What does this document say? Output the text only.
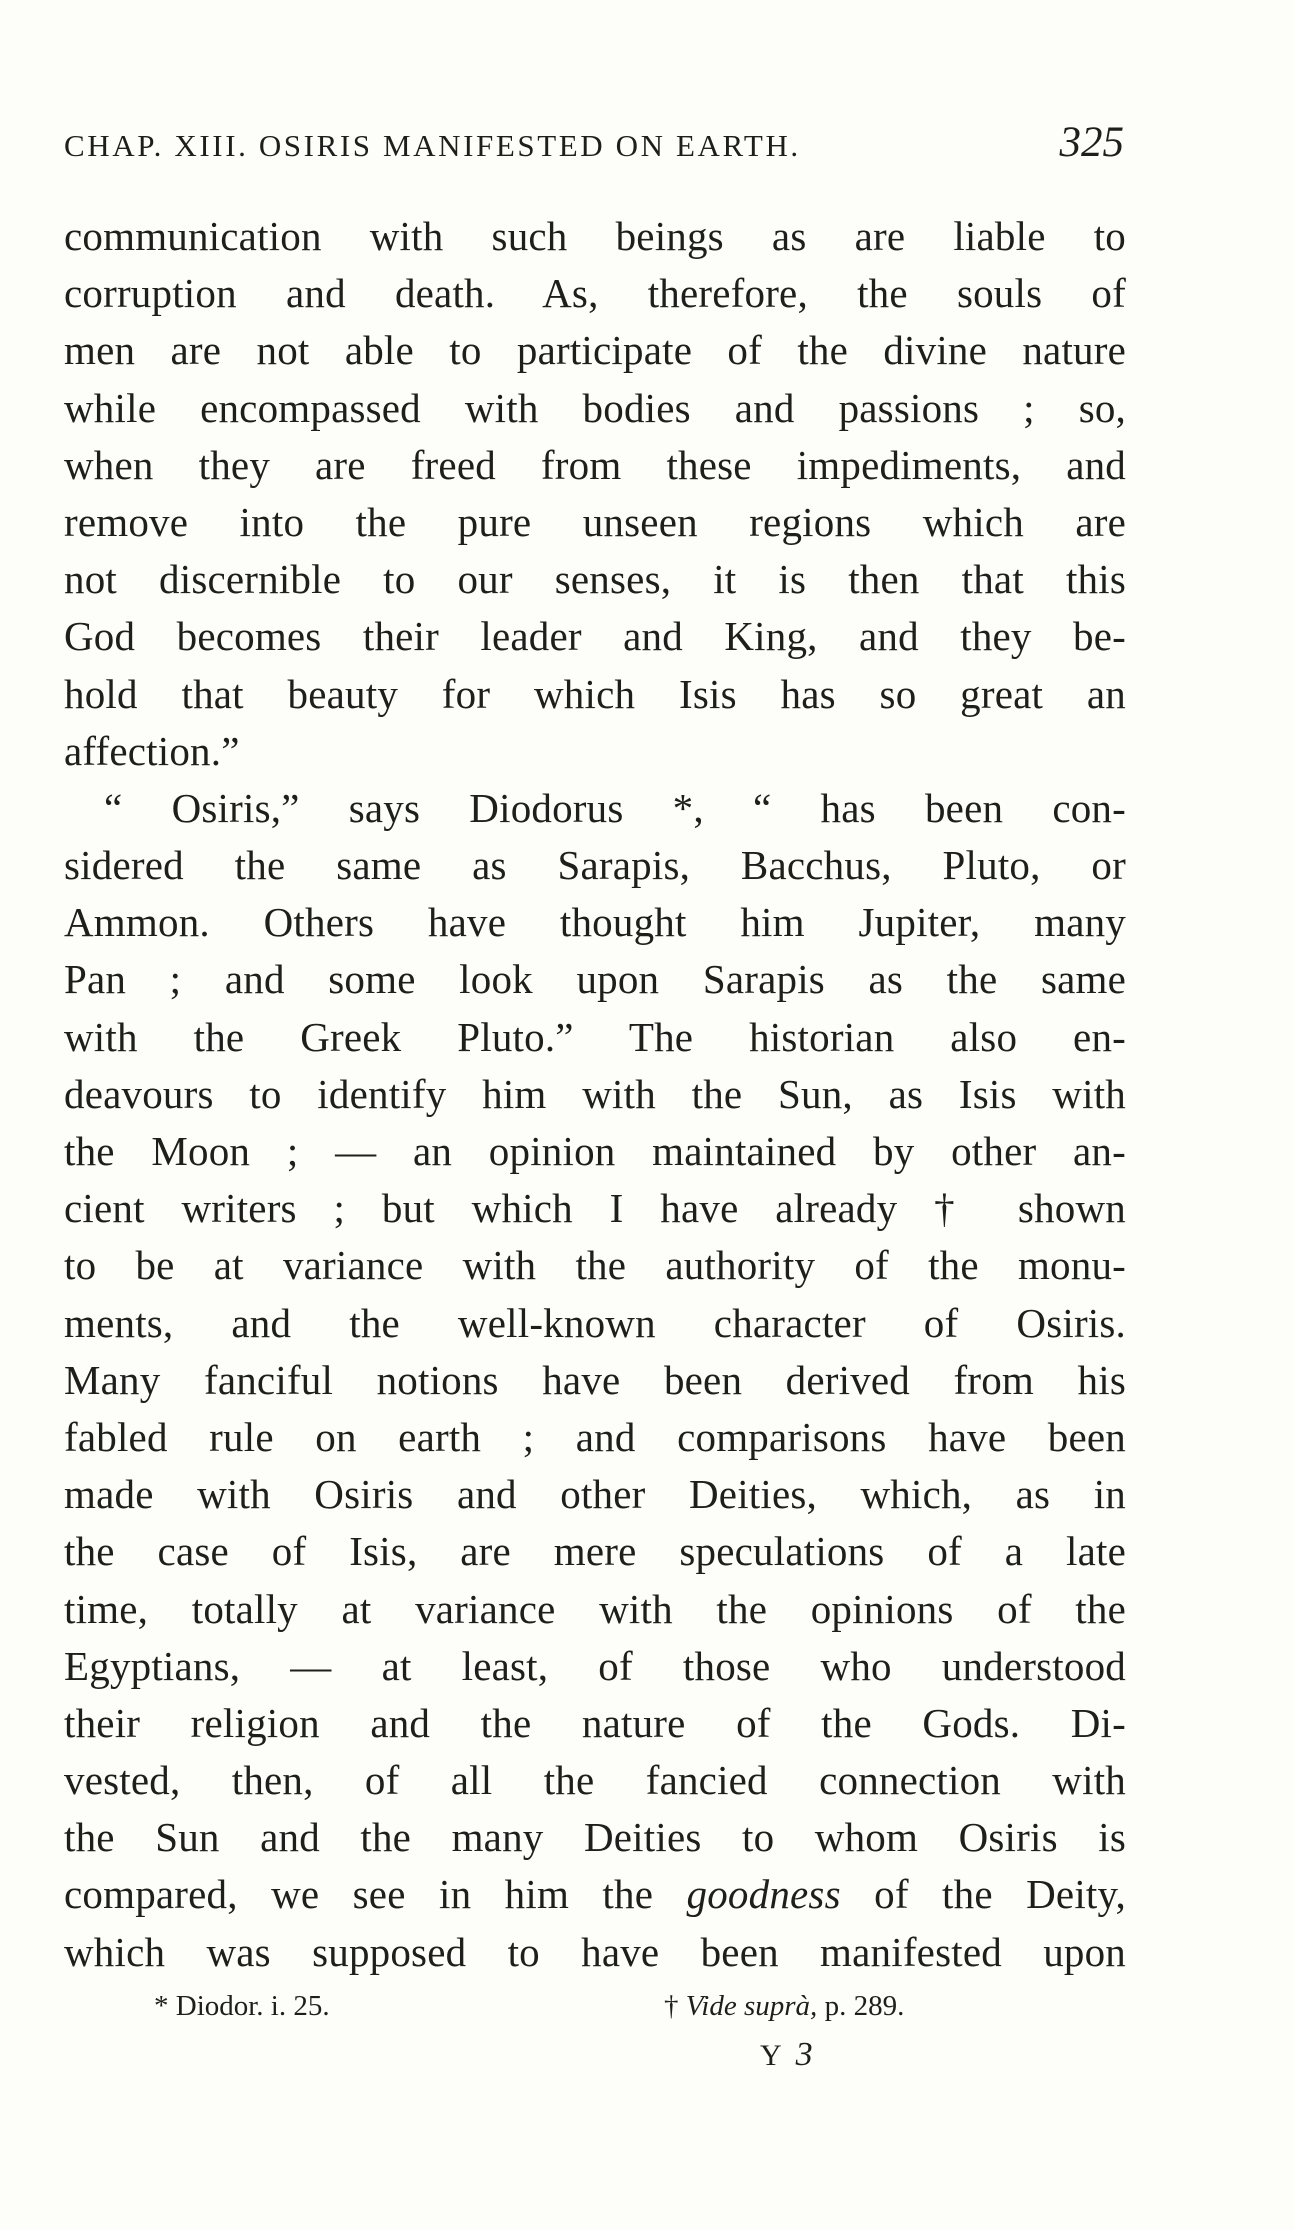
CHAP. XIII. OSIRIS MANIFESTED ON EARTH.	325
communication with such beings as are liable to
corruption and death. As, therefore, the souls of
men are not able to participate of the divine nature
while encompassed with bodies and passions ; so,
when they are freed from these impediments, and
remove into the pure unseen regions which are
not discernible to our senses, it is then that this
God becomes their leader and King, and they be-
hold that beauty for which Isis has so great an
affection.”
“ Osiris,” says Diodorus *, “ has been con-
sidered the same as Sarapis, Bacchus, Pluto, or
Ammon. Others have thought him Jupiter, many
Pan ; and some look upon Sarapis as the same
with the Greek Pluto.” The historian also en-
deavours to identify him with the Sun, as Isis with
the Moon ; — an opinion maintained by other an-
cient writers ; but which I have already † shown
to be at variance with the authority of the monu-
ments, and the well-known character of Osiris.
Many fanciful notions have been derived from his
fabled rule on earth ; and comparisons have been
made with Osiris and other Deities, which, as in
the case of Isis, are mere speculations of a late
time, totally at variance with the opinions of the
Egyptians, — at least, of those who understood
their religion and the nature of the Gods. Di-
vested, then, of all the fancied connection with
the Sun and the many Deities to whom Osiris is
compared, we see in him the goodness of the Deity,
which was supposed to have been manifested upon
* Diodor. i. 25.	† Vide suprà, p. 289.
Y3
